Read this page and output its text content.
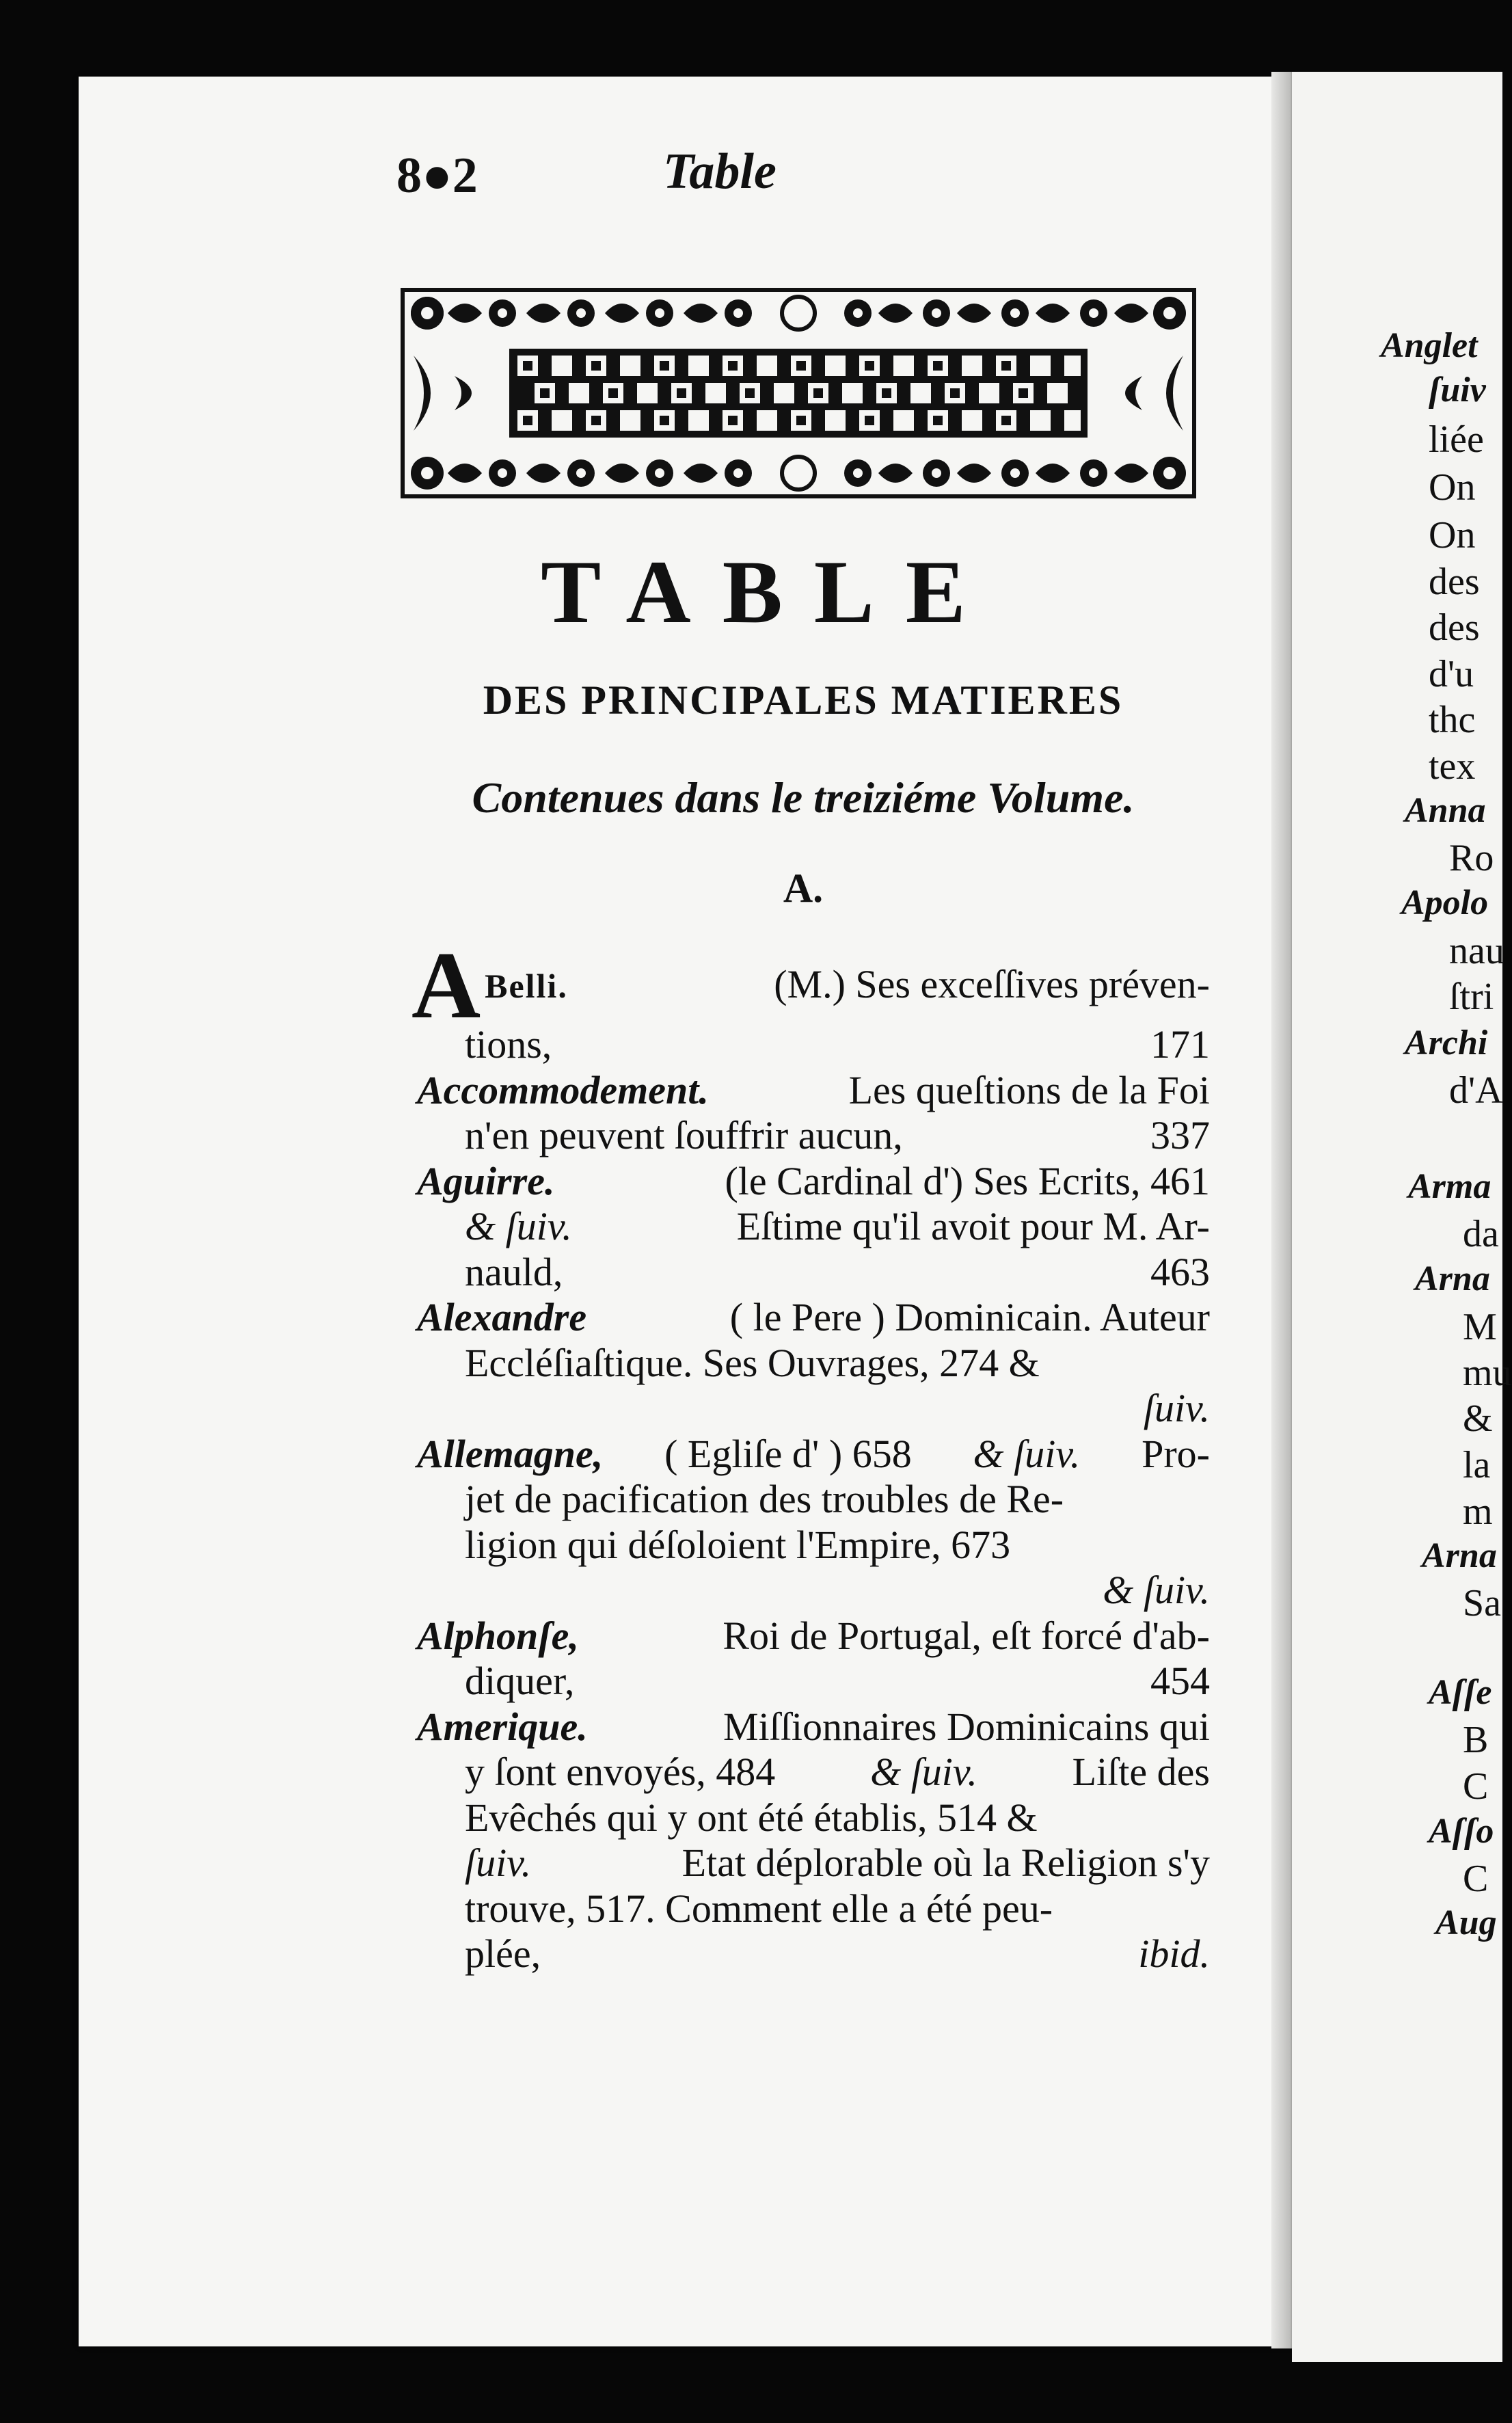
Anglet
ſuiv
liée
On
On
des
des
d'u
thc
tex
Anna
Ro
Apolo
nau
ſtri
Archi
d'A
Arma
da
Arna
M
mu
&
la
m
Arna
Sa
Aſſe
B
C
Aſſo
C
Aug
8●2	Table
TABLE
DES PRINCIPALES MATIERES
Contenues dans le treiziéme Volume.
A.
A Belli.	(M.) Ses exceſſives préven-
tions,	171
Accommodement.	Les queſtions de la Foi
n'en peuvent ſouffrir aucun,	337
Aguirre.	(le Cardinal d') Ses Ecrits, 461
& ſuiv.	Eſtime qu'il avoit pour M. Ar-
nauld,	463
Alexandre	( le Pere ) Dominicain. Auteur
Eccléſiaſtique. Ses Ouvrages, 274 &
ſuiv.
Allemagne, ( Egliſe d' ) 658 & ſuiv. Pro-
jet de pacification des troubles de Re-
ligion qui déſoloient l'Empire, 673
& ſuiv.
Alphonſe,	Roi de Portugal, eſt forcé d'ab-
diquer,	454
Amerique.	Miſſionnaires Dominicains qui
y ſont envoyés, 484 & ſuiv. Liſte des
Evêchés qui y ont été établis, 514 &
ſuiv.	Etat déplorable où la Religion s'y
trouve, 517. Comment elle a été peu-
plée,	ibid.
